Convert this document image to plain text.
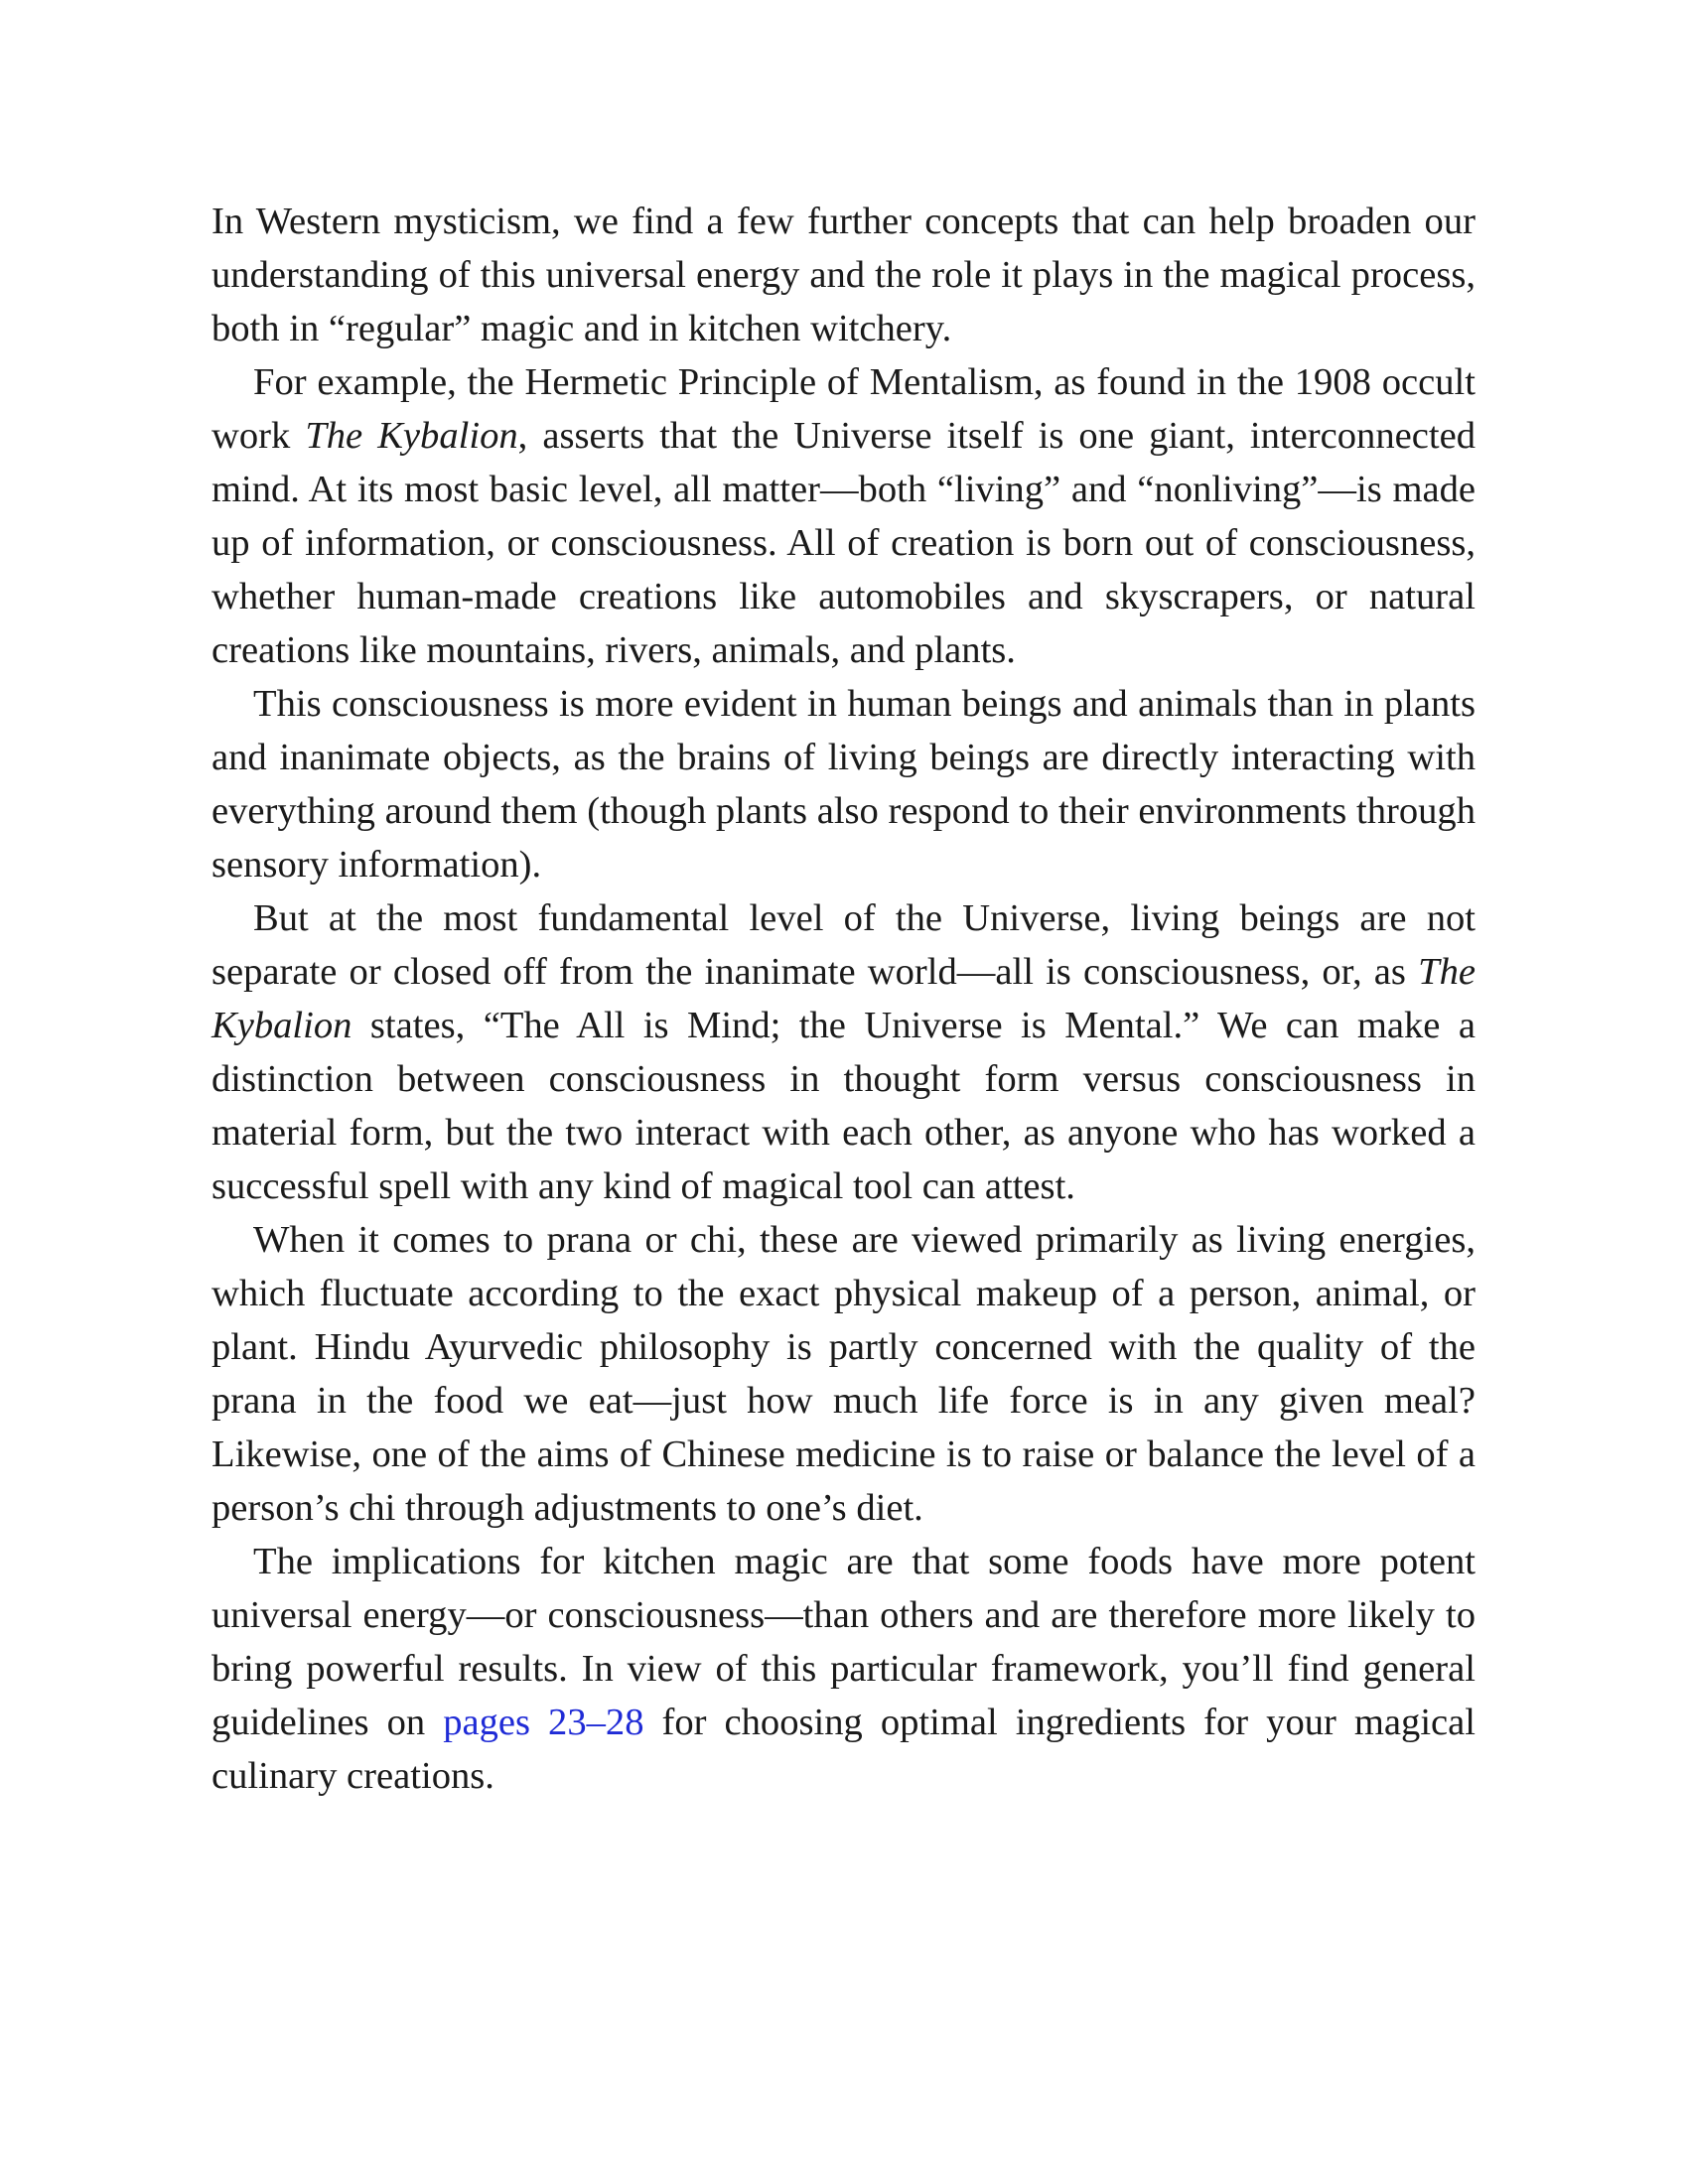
In Western mysticism, we find a few further concepts that can help broaden our understanding of this universal energy and the role it plays in the magical process, both in “regular” magic and in kitchen witchery.

For example, the Hermetic Principle of Mentalism, as found in the 1908 occult work The Kybalion, asserts that the Universe itself is one giant, interconnected mind. At its most basic level, all matter—both “living” and “nonliving”—is made up of information, or consciousness. All of creation is born out of consciousness, whether human-made creations like automobiles and skyscrapers, or natural creations like mountains, rivers, animals, and plants.

This consciousness is more evident in human beings and animals than in plants and inanimate objects, as the brains of living beings are directly interacting with everything around them (though plants also respond to their environments through sensory information).

But at the most fundamental level of the Universe, living beings are not separate or closed off from the inanimate world—all is consciousness, or, as The Kybalion states, “The All is Mind; the Universe is Mental.” We can make a distinction between consciousness in thought form versus consciousness in material form, but the two interact with each other, as anyone who has worked a successful spell with any kind of magical tool can attest.

When it comes to prana or chi, these are viewed primarily as living energies, which fluctuate according to the exact physical makeup of a person, animal, or plant. Hindu Ayurvedic philosophy is partly concerned with the quality of the prana in the food we eat—just how much life force is in any given meal? Likewise, one of the aims of Chinese medicine is to raise or balance the level of a person’s chi through adjustments to one’s diet.

The implications for kitchen magic are that some foods have more potent universal energy—or consciousness—than others and are therefore more likely to bring powerful results. In view of this particular framework, you’ll find general guidelines on pages 23–28 for choosing optimal ingredients for your magical culinary creations.
